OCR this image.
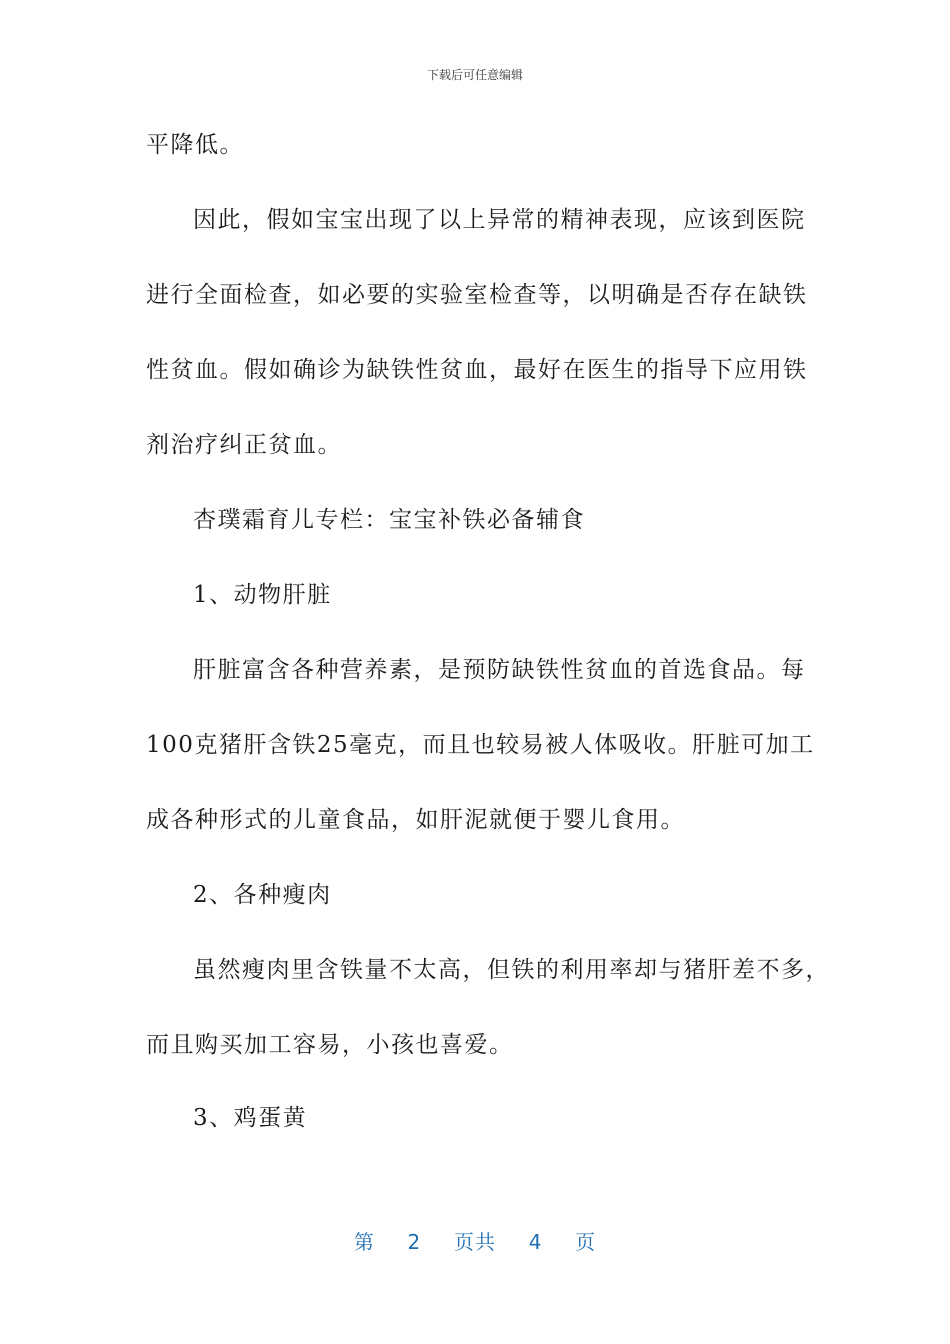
下载后可任意编辑
平降低。
因此，假如宝宝出现了以上异常的精神表现，应该到医院
进行全面检查，如必要的实验室检查等，以明确是否存在缺铁
性贫血。假如确诊为缺铁性贫血，最好在医生的指导下应用铁
剂治疗纠正贫血。
杏璞霜育儿专栏：宝宝补铁必备辅食
1、动物肝脏
肝脏富含各种营养素，是预防缺铁性贫血的首选食品。每
100克猪肝含铁25毫克，而且也较易被人体吸收。肝脏可加工
成各种形式的儿童食品，如肝泥就便于婴儿食用。
2、各种瘦肉
虽然瘦肉里含铁量不太高，但铁的利用率却与猪肝差不多，
而且购买加工容易，小孩也喜爱。
3、鸡蛋黄
第 2 页共 4 页
